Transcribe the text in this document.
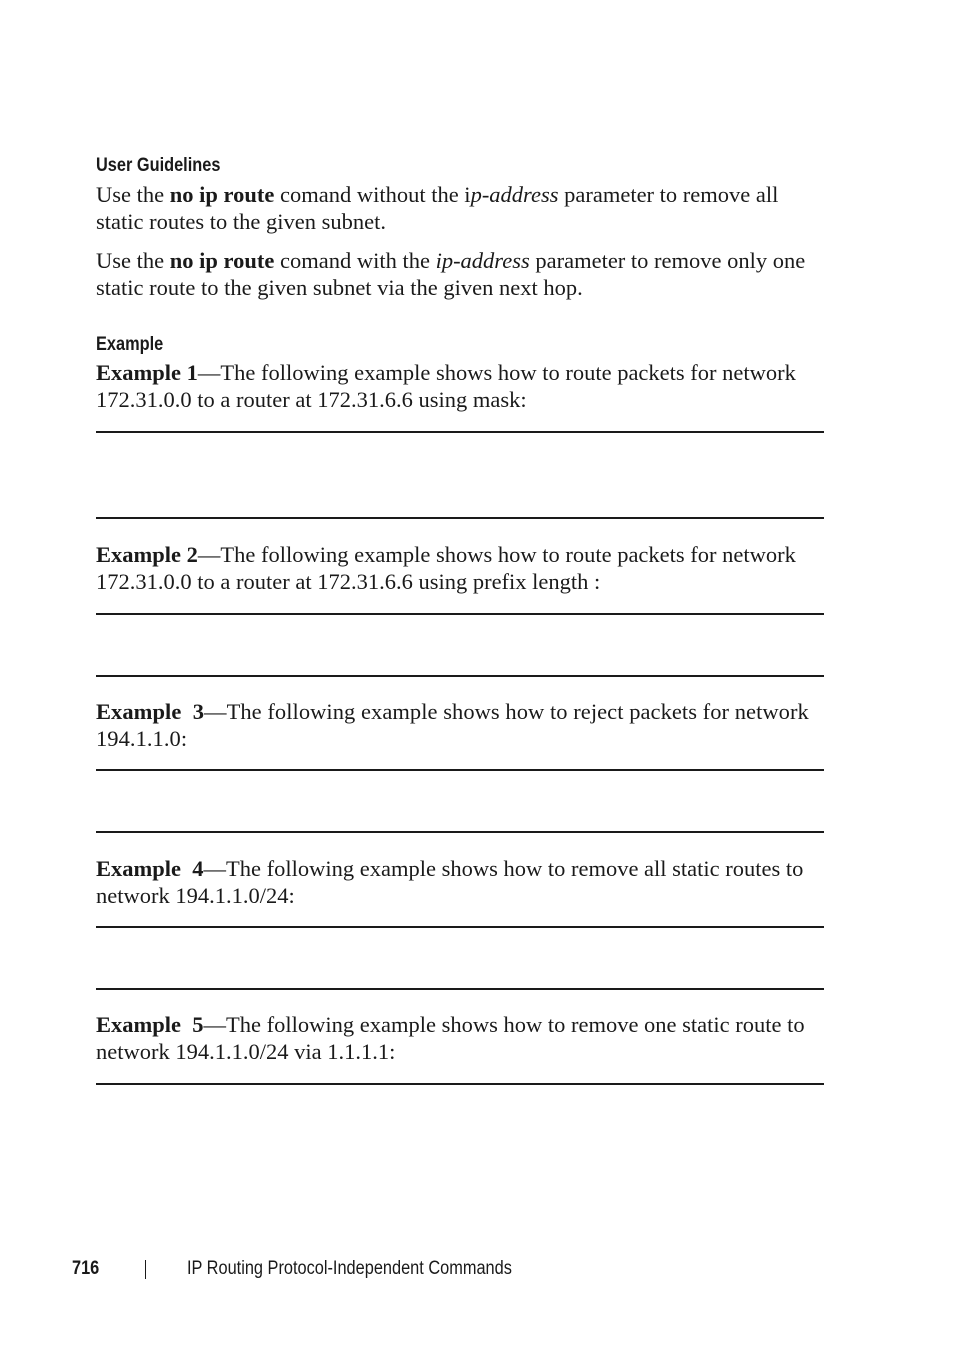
User Guidelines

Use the no ip route comand without the ip-address parameter to remove all static routes to the given subnet.

Use the no ip route comand with the ip-address parameter to remove only one static route to the given subnet via the given next hop.

Example

Example 1—The following example shows how to route packets for network 172.31.0.0 to a router at 172.31.6.6 using mask:

Example 2—The following example shows how to route packets for network 172.31.0.0 to a router at 172.31.6.6 using prefix length :

Example  3—The following example shows how to reject packets for network 194.1.1.0:

Example  4—The following example shows how to remove all static routes to network 194.1.1.0/24:

Example  5—The following example shows how to remove one static route to network 194.1.1.0/24 via 1.1.1.1:

716	IP Routing Protocol-Independent Commands
